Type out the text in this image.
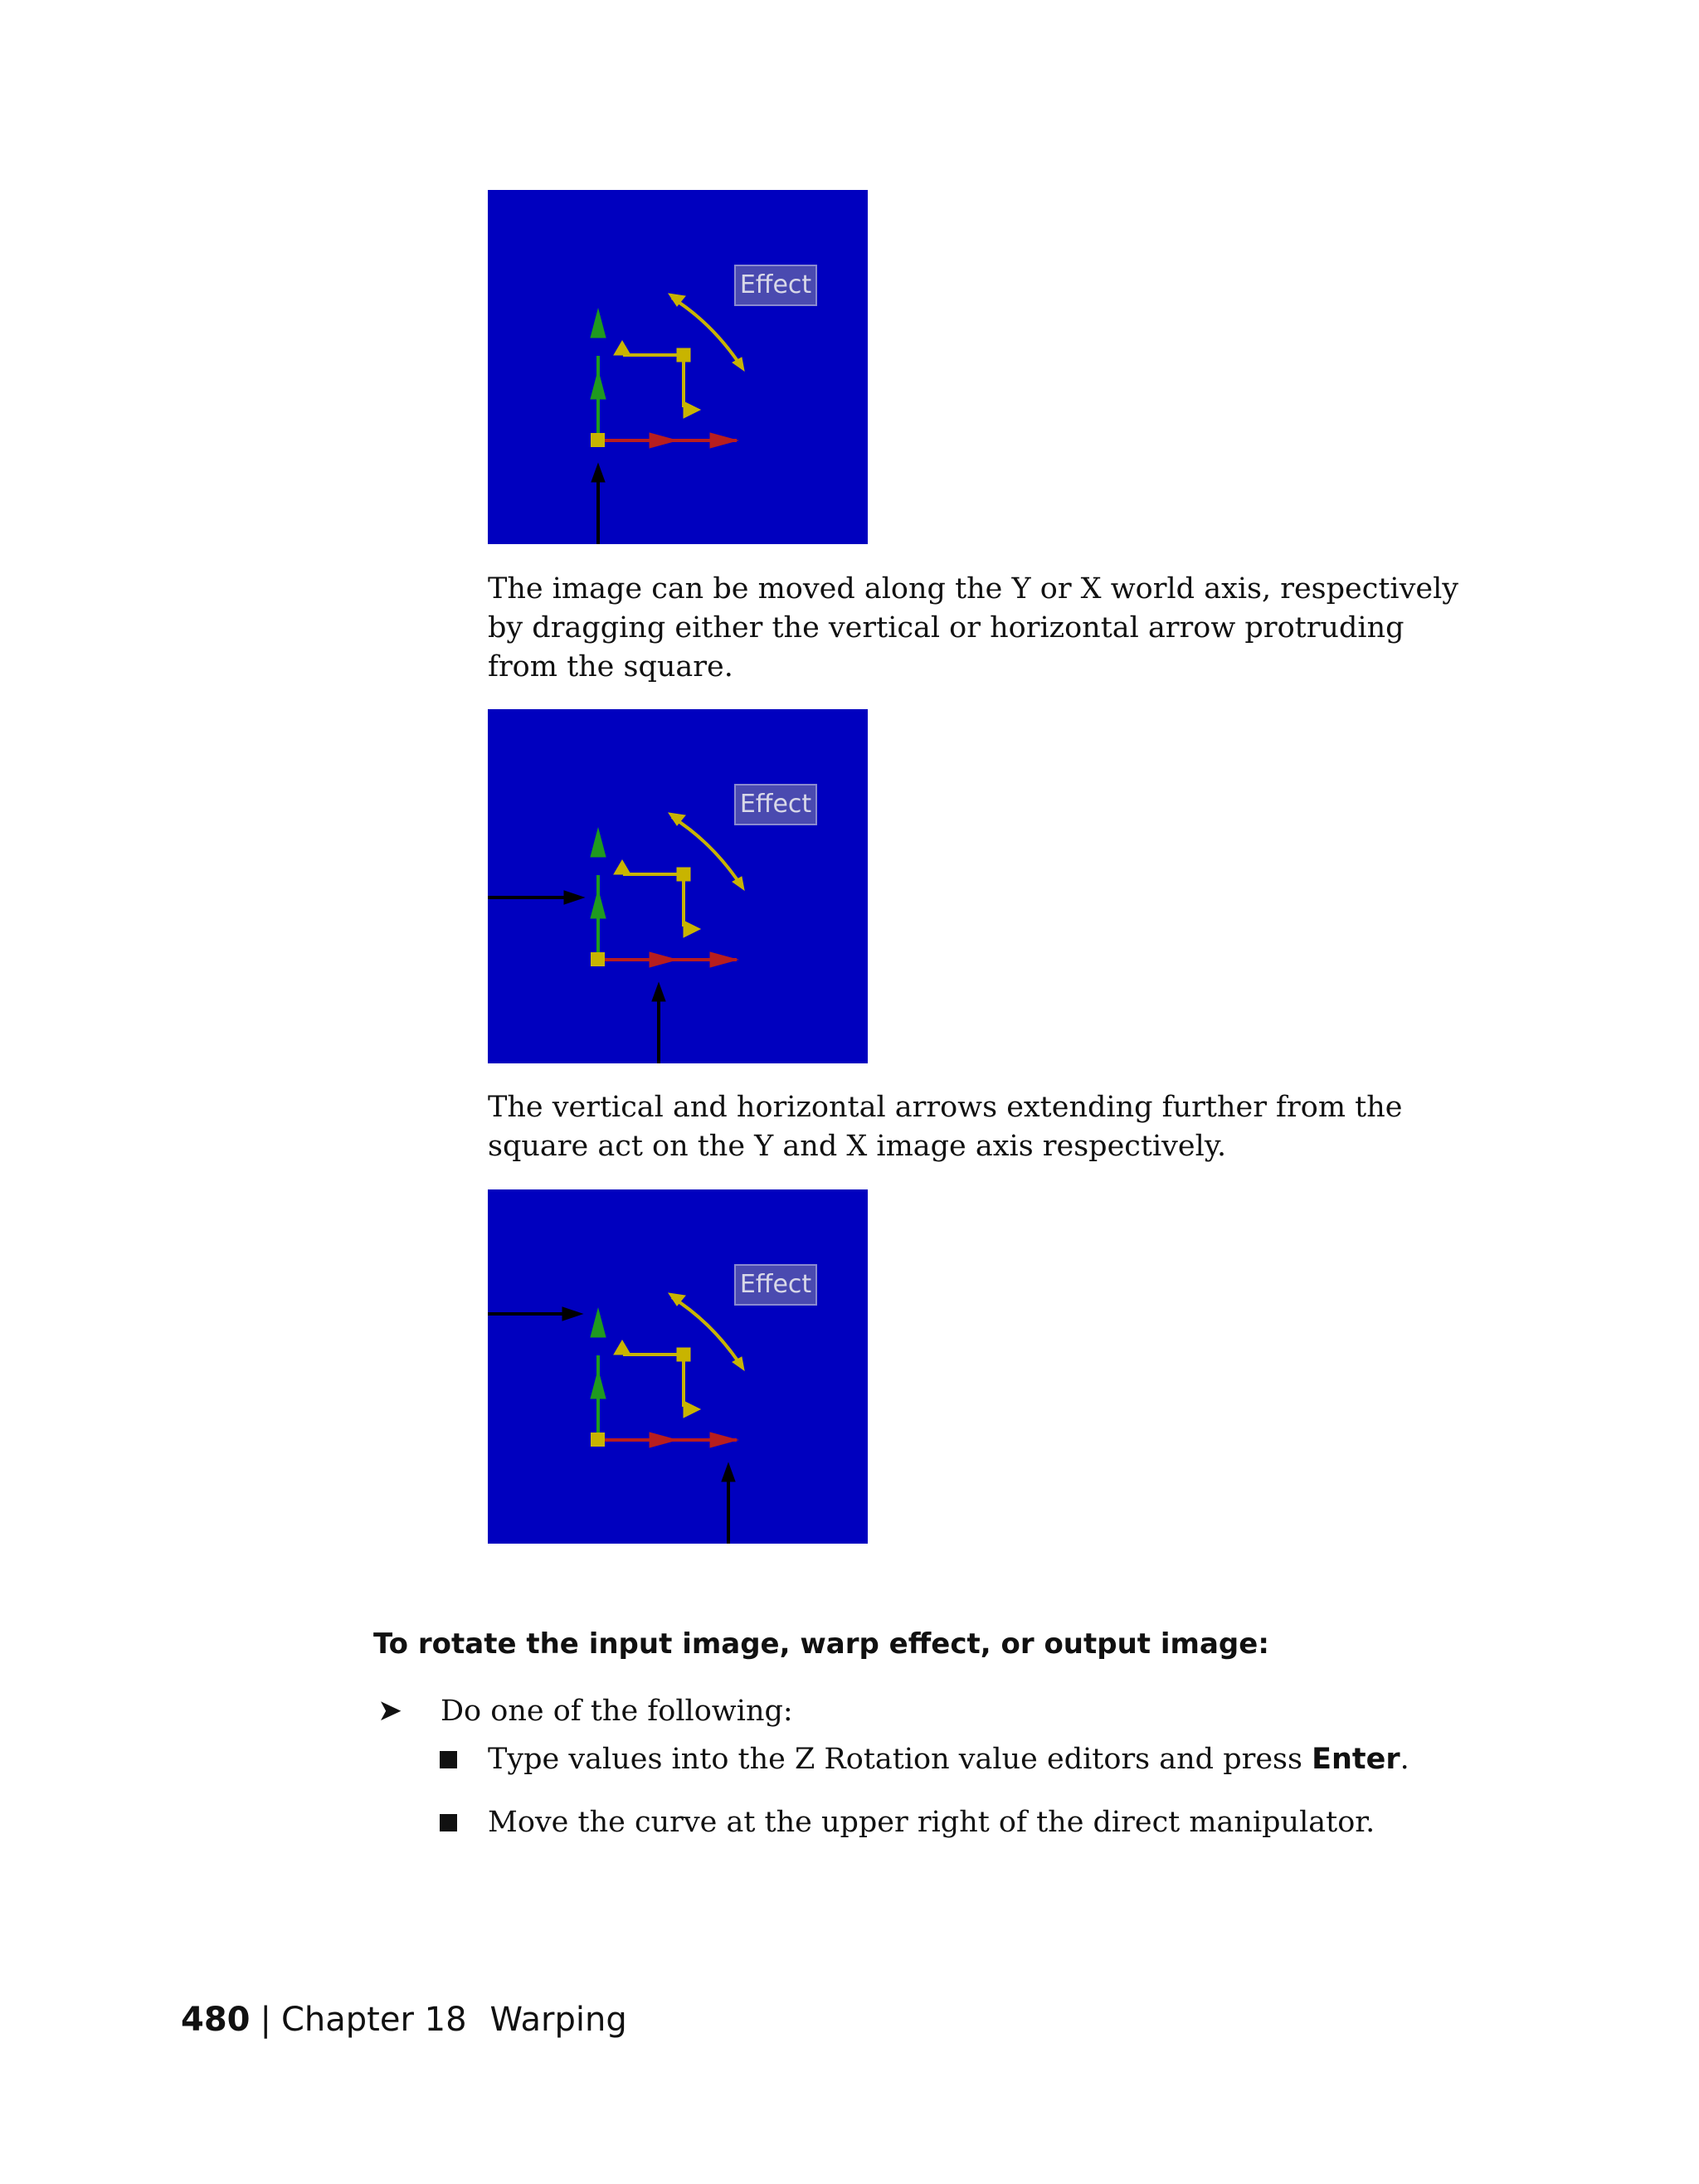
Effect

The image can be moved along the Y or X world axis, respectively by dragging either the vertical or horizontal arrow protruding from the square.

Effect

The vertical and horizontal arrows extending further from the square act on the Y and X image axis respectively.

Effect
To rotate the input image, warp effect, or output image:
➤ Do one of the following:
Type values into the Z Rotation value editors and press Enter.
Move the curve at the upper right of the direct manipulator.
480 | Chapter 18 Warping
